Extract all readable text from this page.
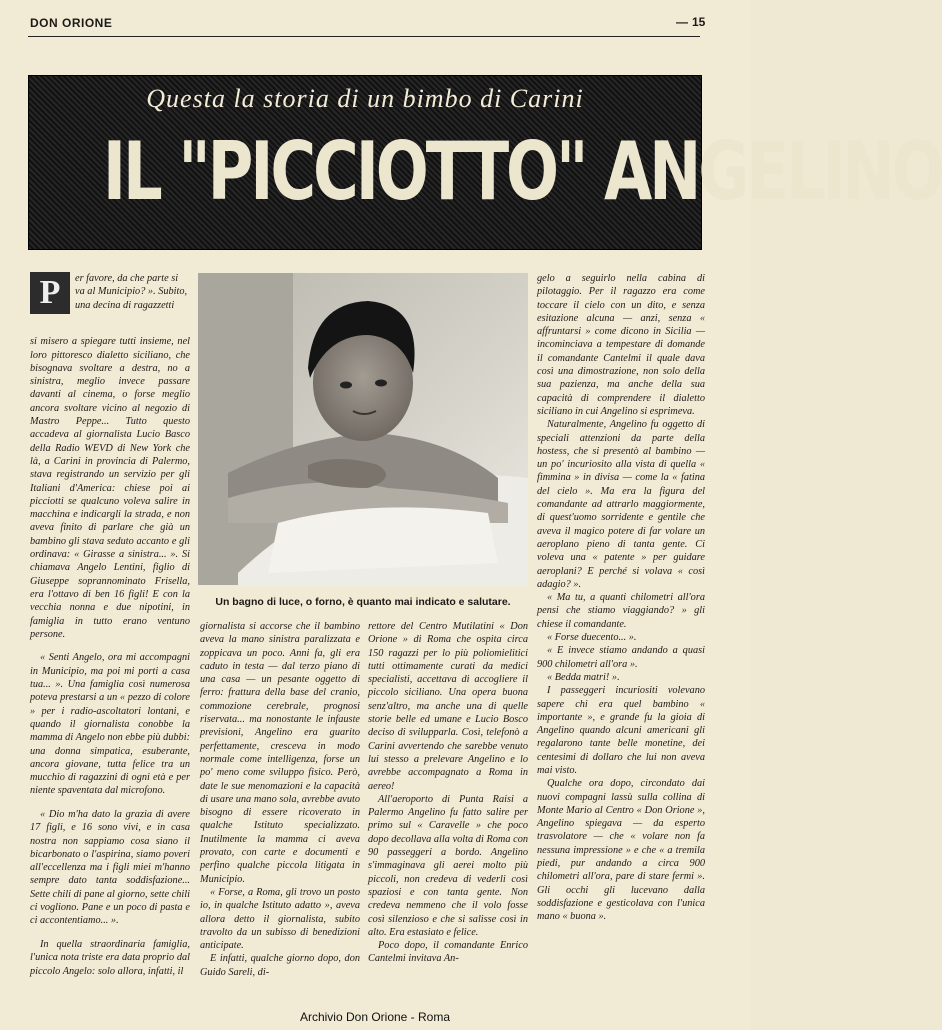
DON ORIONE	— 15
Questa la storia di un bimbo di Carini
IL "PICCIOTTO" ANGELINO
P	er favore, da che parte si va al Municipio? ». Subito, una decina di ragazzetti

si misero a spiegare tutti insieme, nel loro pittoresco dialetto siciliano, che bisognava svoltare a destra, no a sinistra, meglio invece passare davanti al cinema, o forse meglio ancora svoltare vicino al negozio di Mastro Peppe... Tutto questo accadeva al giornalista Lucio Basco della Radio WEVD di New York che là, a Carini in provincia di Palermo, stava registrando un servizio per gli Italiani d'America: chiese poi ai picciotti se qualcuno voleva salire in macchina e indicargli la strada, e non aveva finito di parlare che già un bambino gli stava seduto accanto e gli ordinava: « Girasse a sinistra... ». Si chiamava Angelo Lentini, figlio di Giuseppe soprannominato Frisella, era l'ottavo di ben 16 figli! E con la vecchia nonna e due nipotini, in famiglia in tutto erano ventuno persone.

« Senti Angelo, ora mi accompagni in Municipio, ma poi mi porti a casa tua... ». Una famiglia così numerosa poteva prestarsi a un « pezzo di colore » per i radio-ascoltatori lontani, e quando il giornalista conobbe la mamma di Angelo non ebbe più dubbi: una donna simpatica, esuberante, ancora giovane, tutta felice tra un mucchio di ragazzini di ogni età e per niente spaventata dal microfono.

« Dio m'ha dato la grazia di avere 17 figli, e 16 sono vivi, e in casa nostra non sappiamo cosa siano il bicarbonato o l'aspirina, siamo poveri all'eccellenza ma i figli miei m'hanno sempre dato tanta soddisfazione... Sette chili di pane al giorno, sette chili ci vogliono. Pane e un poco di pasta e ci accontentiamo... ».

In quella straordinaria famiglia, l'unica nota triste era data proprio dal piccolo Angelo: solo allora, infatti, il

Un bagno di luce, o forno, è quanto mai indicato e salutare.

giornalista si accorse che il bambino aveva la mano sinistra paralizzata e zoppicava un poco. Anni fa, gli era caduto in testa — dal terzo piano di una casa — un pesante oggetto di ferro: frattura della base del cranio, commozione cerebrale, prognosi riservata... ma nonostante le infauste previsioni, Angelino era guarito perfettamente, cresceva in modo normale come intelligenza, forse un po' meno come sviluppo fisico. Però, date le sue menomazioni e la capacità di usare una mano sola, avrebbe avuto bisogno di essere ricoverato in qualche Istituto specializzato. Inutilmente la mamma ci aveva provato, con carte e documenti e perfino qualche piccola litigata in Municipio.

« Forse, a Roma, gli trovo un posto io, in qualche Istituto adatto », aveva allora detto il giornalista, subito travolto da un subisso di benedizioni anticipate.

E infatti, qualche giorno dopo, don Guido Sareli, di-

rettore del Centro Mutilatini « Don Orione » di Roma che ospita circa 150 ragazzi per lo più poliomielitici tutti ottimamente curati da medici specialisti, accettava di accogliere il piccolo siciliano. Una opera buona senz'altro, ma anche una di quelle storie belle ed umane e Lucio Bosco deciso di svilupparla. Così, telefonò a Carini avvertendo che sarebbe venuto lui stesso a prelevare Angelino e lo avrebbe accompagnato a Roma in aereo!

All'aeroporto di Punta Raisi a Palermo Angelino fu fatto salire per primo sul « Caravelle » che poco dopo decollava alla volta di Roma con 90 passeggeri a bordo. Angelino s'immaginava gli aerei molto più piccoli, non credeva di vederli così spaziosi e con tanta gente. Non credeva nemmeno che il volo fosse così silenzioso e che si salisse così in alto. Era estasiato e felice.

Poco dopo, il comandante Enrico Cantelmi invitava An-

gelo a seguirlo nella cabina di pilotaggio. Per il ragazzo era come toccare il cielo con un dito, e senza esitazione alcuna — anzi, senza « affruntarsi » come dicono in Sicilia — incominciava a tempestare di domande il comandante Cantelmi il quale dava così una dimostrazione, non solo della sua pazienza, ma anche della sua capacità di comprendere il dialetto siciliano in cui Angelino si esprimeva.

Naturalmente, Angelino fu oggetto di speciali attenzioni da parte della hostess, che si presentò al bambino — un po' incuriosito alla vista di quella « fimmina » in divisa — come la « fatina del cielo ». Ma era la figura del comandante ad attrarlo maggiormente, di quest'uomo sorridente e gentile che aveva il magico potere di far volare un aeroplano pieno di tanta gente. Ci voleva una « patente » per guidare aeroplani? E perché si volava « così adagio? ».

« Ma tu, a quanti chilometri all'ora pensi che stiamo viaggiando? » gli chiese il comandante.

« Forse duecento... ».

« E invece stiamo andando a quasi 900 chilometri all'ora ».

« Bedda matri! ».

I passeggeri incuriositi volevano sapere chi era quel bambino « importante », e grande fu la gioia di Angelino quando alcuni americani gli regalarono tante belle monetine, dei centesimi di dollaro che lui non aveva mai visto.

Qualche ora dopo, circondato dai nuovi compagni lassù sulla collina di Monte Mario al Centro « Don Orione », Angelino spiegava — da esperto trasvolatore — che « volare non fa nessuna impressione » e che « a tremila piedi, pur andando a circa 900 chilometri all'ora, pare di stare fermi ». Gli occhi gli lucevano dalla soddisfazione e gesticolava con l'unica mano « buona ».

Archivio Don Orione - Roma
